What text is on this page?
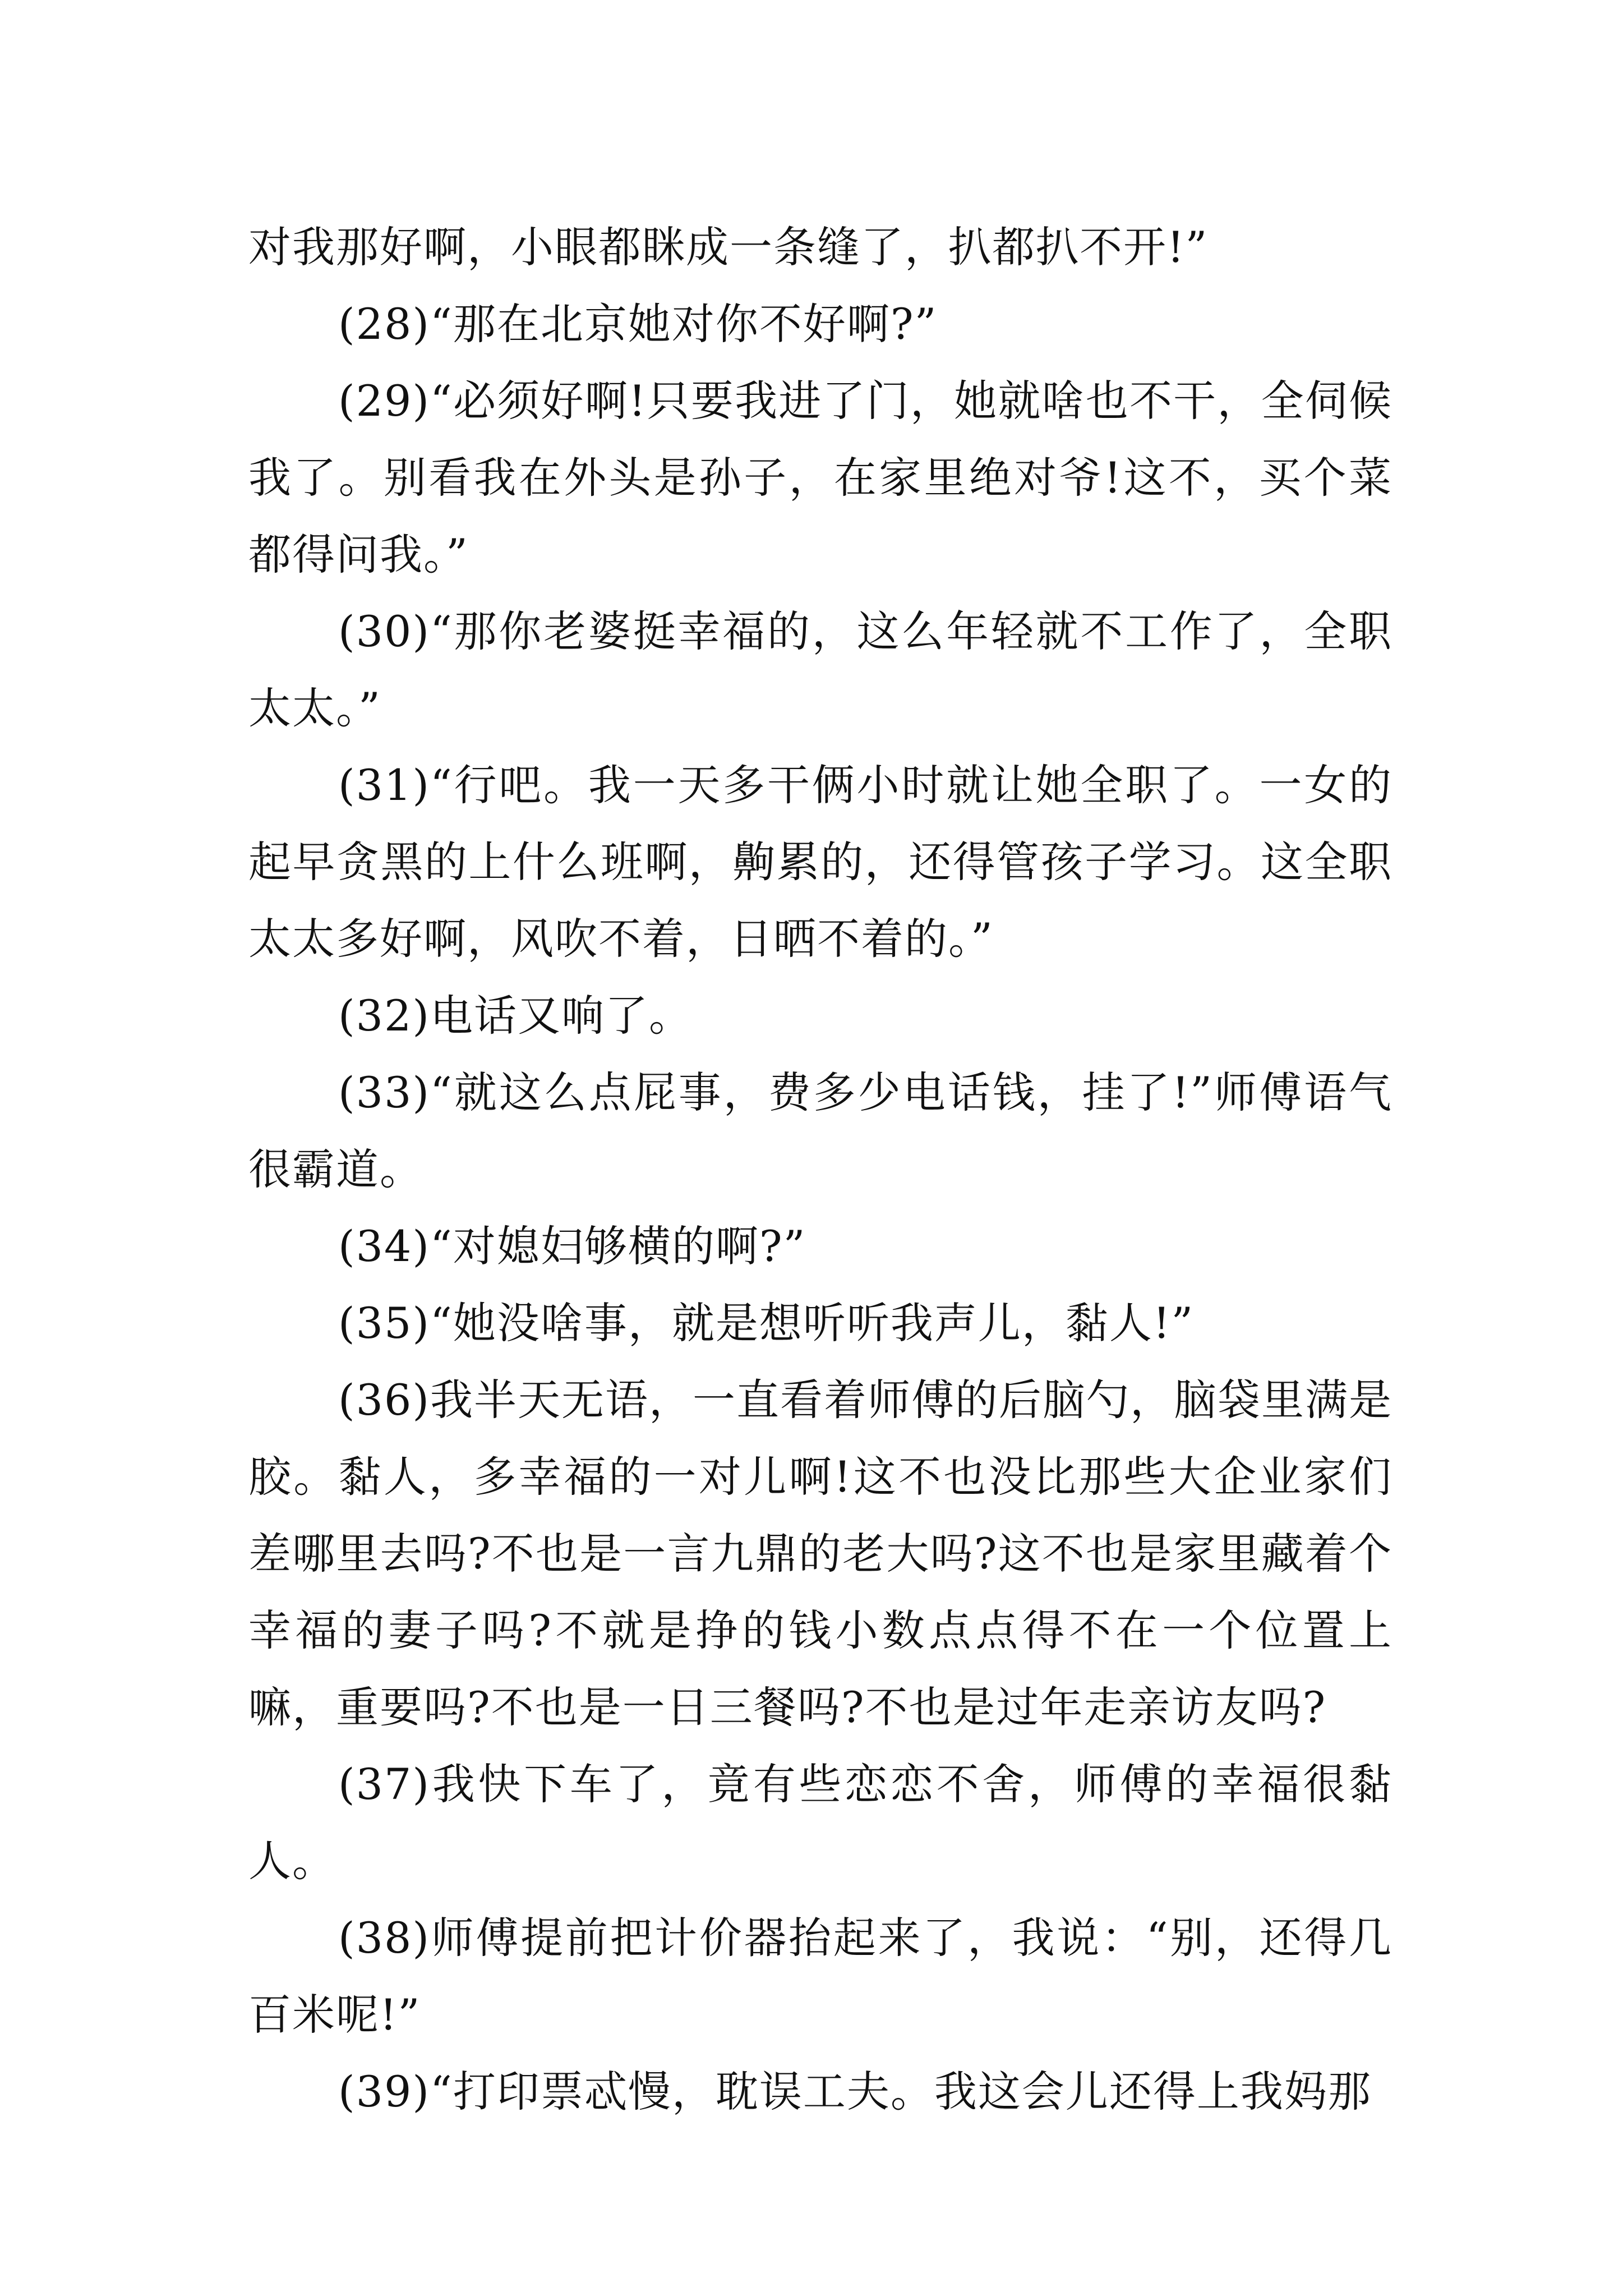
对我那好啊，小眼都眯成一条缝了，扒都扒不开!”

(28)“那在北京她对你不好啊?”

(29)“必须好啊!只要我进了门，她就啥也不干，全伺候我了。别看我在外头是孙子，在家里绝对爷!这不，买个菜都得问我。”

(30)“那你老婆挺幸福的，这么年轻就不工作了，全职太太。”

(31)“行吧。我一天多干俩小时就让她全职了。一女的起早贪黑的上什么班啊，齁累的，还得管孩子学习。这全职太太多好啊，风吹不着，日晒不着的。”

(32)电话又响了。

(33)“就这么点屁事，费多少电话钱，挂了!”师傅语气很霸道。

(34)“对媳妇够横的啊?”

(35)“她没啥事，就是想听听我声儿，黏人!”

(36)我半天无语，一直看着师傅的后脑勺，脑袋里满是胶。黏人，多幸福的一对儿啊!这不也没比那些大企业家们差哪里去吗?不也是一言九鼎的老大吗?这不也是家里藏着个幸福的妻子吗?不就是挣的钱小数点点得不在一个位置上嘛，重要吗?不也是一日三餐吗?不也是过年走亲访友吗?

(37)我快下车了，竟有些恋恋不舍，师傅的幸福很黏人。

(38)师傅提前把计价器抬起来了，我说：“别，还得几百米呢!”

(39)“打印票忒慢，耽误工夫。我这会儿还得上我妈那
